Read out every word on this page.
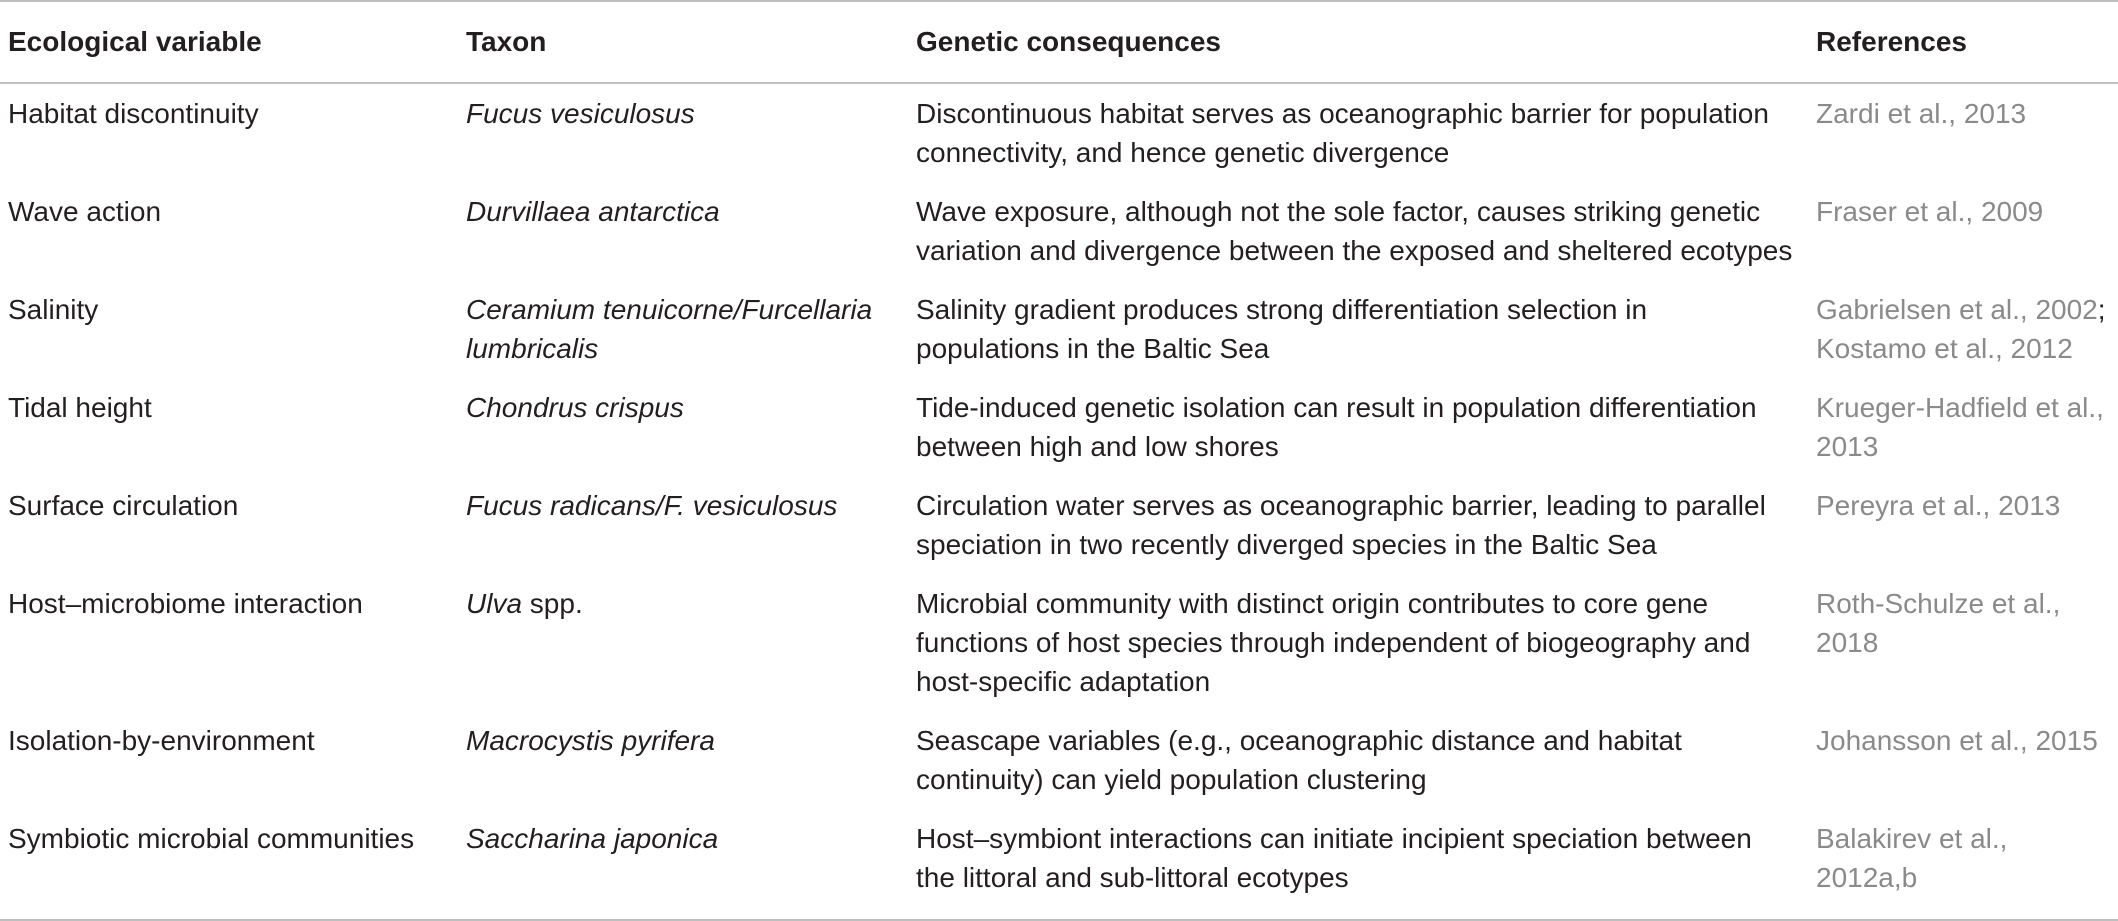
Ecological variable	Taxon	Genetic consequences	References
Habitat discontinuity	Fucus vesiculosus	Discontinuous habitat serves as oceanographic barrier for population connectivity, and hence genetic divergence	Zardi et al., 2013
Wave action	Durvillaea antarctica	Wave exposure, although not the sole factor, causes striking genetic variation and divergence between the exposed and sheltered ecotypes	Fraser et al., 2009
Salinity	Ceramium tenuicorne/Furcellaria lumbricalis	Salinity gradient produces strong differentiation selection in populations in the Baltic Sea	Gabrielsen et al., 2002; Kostamo et al., 2012
Tidal height	Chondrus crispus	Tide-induced genetic isolation can result in population differentiation between high and low shores	Krueger-Hadfield et al., 2013
Surface circulation	Fucus radicans/F. vesiculosus	Circulation water serves as oceanographic barrier, leading to parallel speciation in two recently diverged species in the Baltic Sea	Pereyra et al., 2013
Host–microbiome interaction	Ulva spp.	Microbial community with distinct origin contributes to core gene functions of host species through independent of biogeography and host-specific adaptation	Roth-Schulze et al., 2018
Isolation-by-environment	Macrocystis pyrifera	Seascape variables (e.g., oceanographic distance and habitat continuity) can yield population clustering	Johansson et al., 2015
Symbiotic microbial communities	Saccharina japonica	Host–symbiont interactions can initiate incipient speciation between the littoral and sub-littoral ecotypes	Balakirev et al., 2012a,b
